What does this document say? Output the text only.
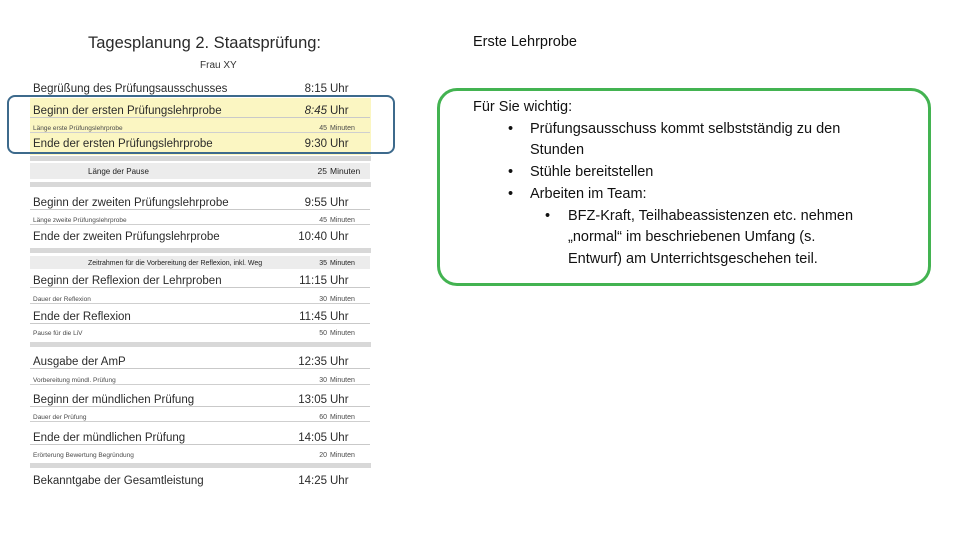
Tagesplanung 2. Staatsprüfung:
Frau XY
Begrüßung des Prüfungsausschusses	8:15 Uhr
Beginn der ersten Prüfungslehrprobe	8:45 Uhr
Länge erste Prüfungslehrprobe	45 Minuten
Ende der ersten Prüfungslehrprobe	9:30 Uhr
Länge der Pause	25 Minuten
Beginn der zweiten Prüfungslehrprobe	9:55 Uhr
Länge zweite Prüfungslehrprobe	45 Minuten
Ende der zweiten Prüfungslehrprobe	10:40 Uhr
Zeitrahmen für die Vorbereitung der Reflexion, inkl. Weg	35 Minuten
Beginn der Reflexion der Lehrproben	11:15 Uhr
Dauer der Reflexion	30 Minuten
Ende der Reflexion	11:45 Uhr
Pause für die LiV	50 Minuten
Ausgabe der AmP	12:35 Uhr
Vorbereitung mündl. Prüfung	30 Minuten
Beginn der mündlichen Prüfung	13:05 Uhr
Dauer der Prüfung	60 Minuten
Ende der mündlichen Prüfung	14:05 Uhr
Erörterung Bewertung Begründung	20 Minuten
Bekanntgabe der Gesamtleistung	14:25 Uhr
Erste Lehrprobe
Für Sie wichtig:
• Prüfungsausschuss kommt selbstständig zu den
Stunden
• Stühle bereitstellen
• Arbeiten im Team:
• BFZ-Kraft, Teilhabeassistenzen etc. nehmen
„normal“ im beschriebenen Umfang (s.
Entwurf) am Unterrichtsgeschehen teil.
